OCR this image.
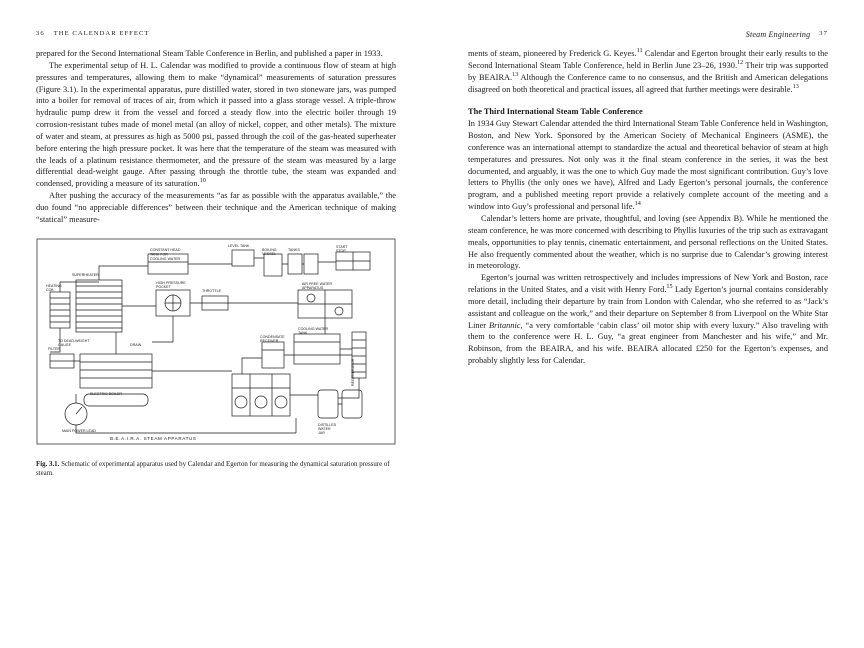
36 THE CALENDAR EFFECT

prepared for the Second International Steam Table Conference in Berlin, and published a paper in 1933.

The experimental setup of H. L. Calendar was modified to provide a continuous flow of steam at high pressures and temperatures, allowing them to make “dynamical” measurements of saturation pressures (Figure 3.1). In the experimental apparatus, pure distilled water, stored in two stoneware jars, was pumped into a boiler for removal of traces of air, from which it passed into a glass storage vessel. A triple-throw hydraulic pump drew it from the vessel and forced a steady flow into the electric boiler through 19 corrosion-resistant tubes made of monel metal (an alloy of nickel, copper, and other metals). The mixture of water and steam, at pressures as high as 5000 psi, passed through the coil of the gas-heated superheater before entering the high pressure pocket. It was here that the temperature of the steam was measured with the leads of a platinum resistance thermometer, and the pressure of the steam was measured by a large differential dead-weight gauge. After passing through the throttle tube, the steam was expanded and condensed, providing a measure of its saturation.$^{10}$

After pushing the accuracy of the measurements “as far as possible with the apparatus available,” the duo found “no appreciable differences” between their technique and the American technique of making “statical” measure-

SUPERHEATER
CONSTANT HEAD
TANK FOR
COOLING WATER
LEVEL TANK
BOILING
VESSEL
TANKS
START
STOP
HEATING
COIL
HIGH PRESSURE
POCKET
THROTTLE
AIR FREE WATER
APPARATUS
TO DEAD-WEIGHT
GAUGE	DRAIN
COOLING WATER
TANK
CONDENSATE
RECEIVER
REGENERATOR
FILTER
ELECTRIC BOILER
MAIN POWER LEAD
DISTILLED
WATER
JAR
B.E.A.I.R.A. STEAM APPARATUS
Fig. 3.1. Schematic of experimental apparatus used by Calendar and Egerton for measuring the dynamical saturation pressure of steam.
Steam Engineering 37

ments of steam, pioneered by Frederick G. Keyes.$^{11}$ Calendar and Egerton brought their early results to the Second International Steam Table Conference, held in Berlin June 23–26, 1930.12 Their trip was supported by BEAIRA.$^{13}$ Although the Conference came to no consensus, and the British and American delegations disagreed on both theoretical and practical issues, all agreed that further meetings were desirable.$^{13}$

The Third International Steam Table Conference

In 1934 Guy Stewart Calendar attended the third International Steam Table Conference held in Washington, Boston, and New York. Sponsored by the American Society of Mechanical Engineers (ASME), the conference was an international attempt to standardize the actual and theoretical behavior of steam at high temperatures and pressures. Not only was it the final steam conference in the series, it was the best documented, and arguably, it was the one to which Guy made the most significant contribution. Guy’s love letters to Phyllis (the only ones we have), Alfred and Lady Egerton’s personal journals, the conference program, and a published meeting report provide a relatively complete account of the meeting and a window into Guy’s professional and personal life.$^{14}$

Calendar’s letters home are private, thoughtful, and loving (see Appendix B). While he mentioned the steam conference, he was more concerned with describing to Phyllis luxuries of the trip such as extravagant meals, opportunities to play tennis, cinematic entertainment, and personal reflections on the United States. He also frequently commented about the weather, which is no surprise due to Calendar’s growing interest in meteorology.

Egerton’s journal was written retrospectively and includes impressions of New York and Boston, race relations in the United States, and a visit with Henry Ford.$^{15}$ Lady Egerton’s journal contains considerably more detail, including their departure by train from London with Calendar, who she referred to as “Jack’s assistant and colleague on the work,” and their departure on September 8 from Liverpool on the White Star Liner Britannic, “a very comfortable ‘cabin class’ oil motor ship with every luxury.” Also traveling with them to the conference were H. L. Guy, “a great engineer from Manchester and his wife,” and Mr. Robinson, from the BEAIRA, and his wife. BEAIRA allocated £250 for the Egerton’s expenses, and probably slightly less for Calendar.
